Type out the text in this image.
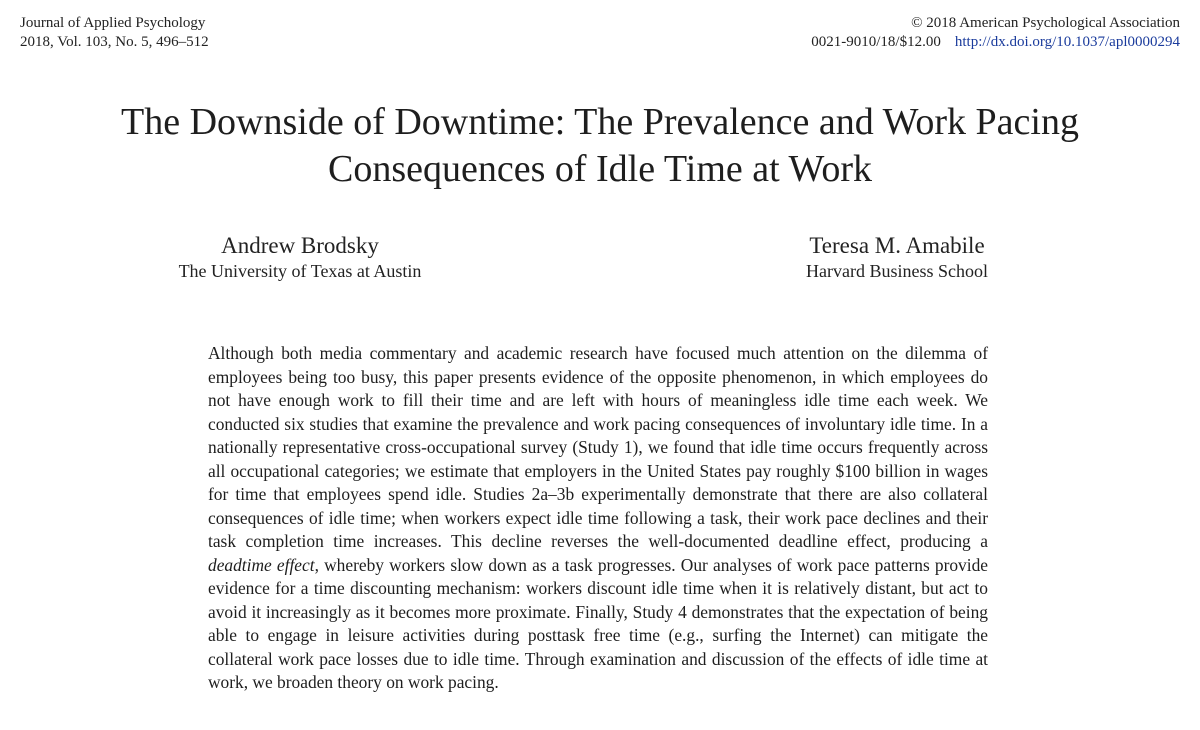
Journal of Applied Psychology
2018, Vol. 103, No. 5, 496–512
© 2018 American Psychological Association
0021-9010/18/$12.00 http://dx.doi.org/10.1037/apl0000294
The Downside of Downtime: The Prevalence and Work Pacing
Consequences of Idle Time at Work
Andrew Brodsky
The University of Texas at Austin
Teresa M. Amabile
Harvard Business School

Although both media commentary and academic research have focused much attention on the dilemma of employees being too busy, this paper presents evidence of the opposite phenomenon, in which employees do not have enough work to fill their time and are left with hours of meaningless idle time each week. We conducted six studies that examine the prevalence and work pacing consequences of involuntary idle time. In a nationally representative cross-occupational survey (Study 1), we found that idle time occurs frequently across all occupational categories; we estimate that employers in the United States pay roughly $100 billion in wages for time that employees spend idle. Studies 2a–3b experimentally demonstrate that there are also collateral consequences of idle time; when workers expect idle time following a task, their work pace declines and their task completion time increases. This decline reverses the well-documented deadline effect, producing a deadtime effect, whereby workers slow down as a task progresses. Our analyses of work pace patterns provide evidence for a time discounting mechanism: workers discount idle time when it is relatively distant, but act to avoid it increasingly as it becomes more proximate. Finally, Study 4 demonstrates that the expectation of being able to engage in leisure activities during posttask free time (e.g., surfing the Internet) can mitigate the collateral work pace losses due to idle time. Through examination and discussion of the effects of idle time at work, we broaden theory on work pacing.
